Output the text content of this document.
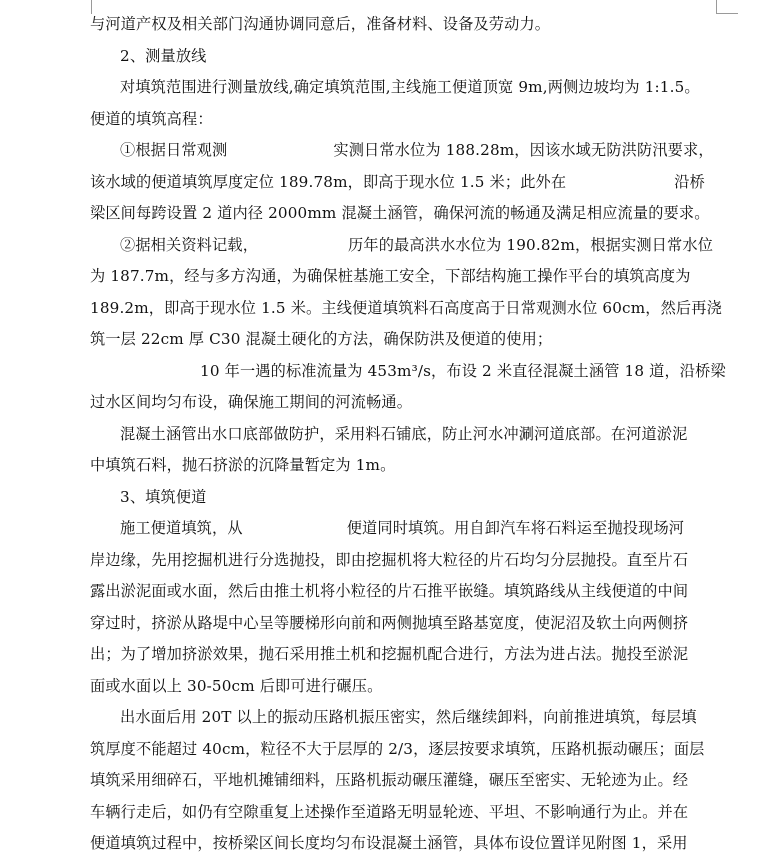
与河道产权及相关部门沟通协调同意后，准备材料、设备及劳动力。
2、测量放线
对填筑范围进行测量放线,确定填筑范围,主线施工便道顶宽 9m,两侧边坡均为 1:1.5。
便道的填筑高程：
①根据日常观测	实测日常水位为 188.28m，因该水域无防洪防汛要求，
该水域的便道填筑厚度定位 189.78m，即高于现水位 1.5 米；此外在	沿桥
梁区间每跨设置 2 道内径 2000mm 混凝土涵管，确保河流的畅通及满足相应流量的要求。
②据相关资料记载，	历年的最高洪水水位为 190.82m，根据实测日常水位
为 187.7m，经与多方沟通，为确保桩基施工安全，下部结构施工操作平台的填筑高度为
189.2m，即高于现水位 1.5 米。主线便道填筑料石高度高于日常观测水位 60cm，然后再浇
筑一层 22cm 厚 C30 混凝土硬化的方法，确保防洪及便道的使用；
10 年一遇的标准流量为 453m³/s，布设 2 米直径混凝土涵管 18 道，沿桥梁
过水区间均匀布设，确保施工期间的河流畅通。
混凝土涵管出水口底部做防护，采用料石铺底，防止河水冲涮河道底部。在河道淤泥
中填筑石料，抛石挤淤的沉降量暂定为 1m。
3、填筑便道
施工便道填筑，从	便道同时填筑。用自卸汽车将石料运至抛投现场河
岸边缘，先用挖掘机进行分选抛投，即由挖掘机将大粒径的片石均匀分层抛投。直至片石
露出淤泥面或水面，然后由推土机将小粒径的片石推平嵌缝。填筑路线从主线便道的中间
穿过时，挤淤从路堤中心呈等腰梯形向前和两侧抛填至路基宽度，使泥沼及软土向两侧挤
出；为了增加挤淤效果，抛石采用推土机和挖掘机配合进行，方法为进占法。抛投至淤泥
面或水面以上 30-50cm 后即可进行碾压。
出水面后用 20T 以上的振动压路机振压密实，然后继续卸料，向前推进填筑，每层填
筑厚度不能超过 40cm，粒径不大于层厚的 2/3，逐层按要求填筑，压路机振动碾压；面层
填筑采用细碎石，平地机摊铺细料，压路机振动碾压灌缝，碾压至密实、无轮迹为止。经
车辆行走后，如仍有空隙重复上述操作至道路无明显轮迹、平坦、不影响通行为止。并在
便道填筑过程中，按桥梁区间长度均匀布设混凝土涵管，具体布设位置详见附图 1，采用
